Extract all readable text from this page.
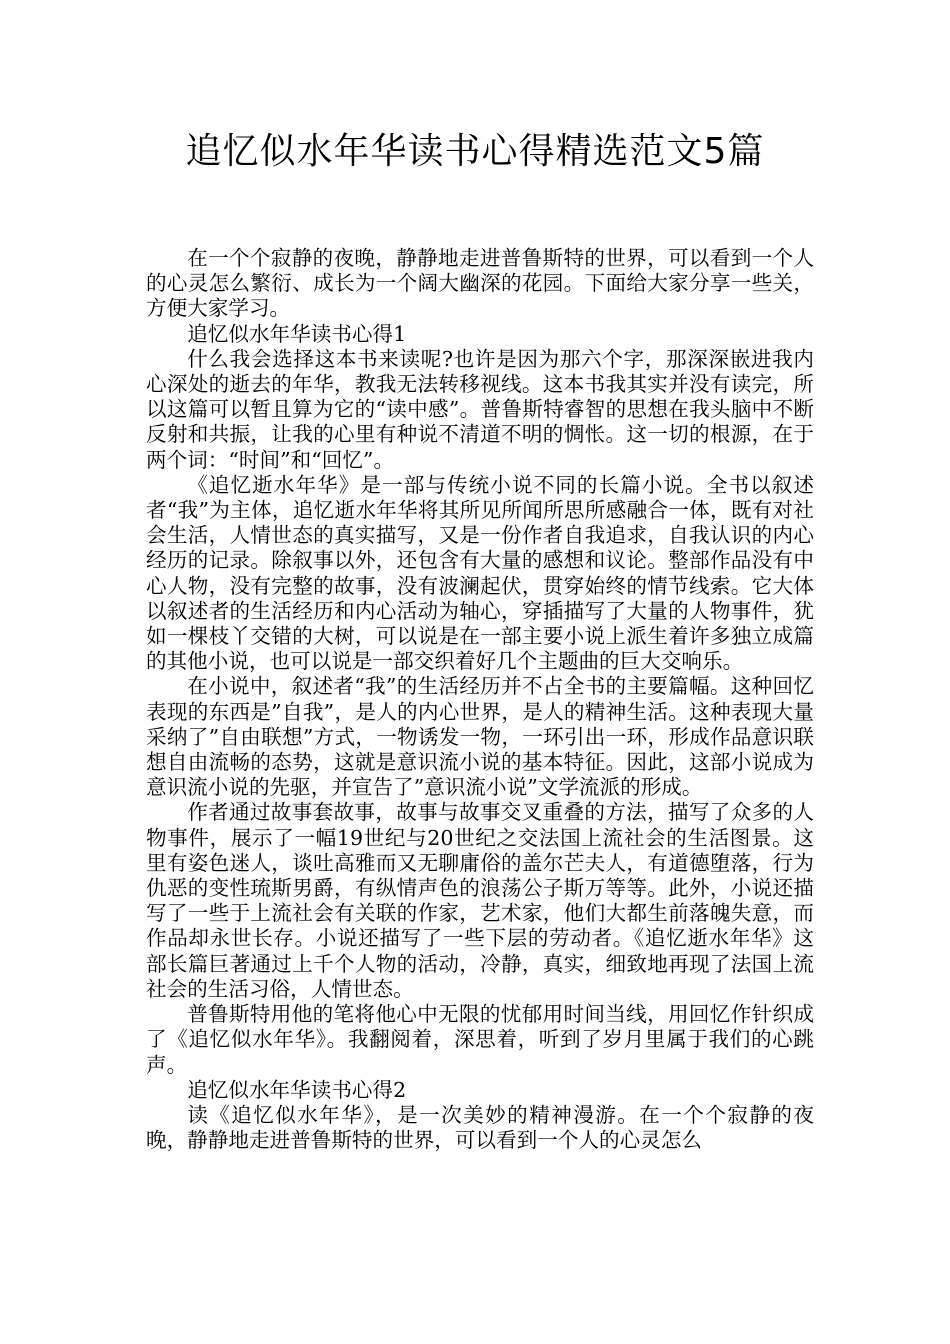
追忆似水年华读书心得精选范文5篇

在一个个寂静的夜晚，静静地走进普鲁斯特的世界，可以看到一个人的心灵怎么繁衍、成长为一个阔大幽深的花园。下面给大家分享一些关，方便大家学习。

追忆似水年华读书心得1

什么我会选择这本书来读呢?也许是因为那六个字，那深深嵌进我内心深处的逝去的年华，教我无法转移视线。这本书我其实并没有读完，所以这篇可以暂且算为它的“读中感”。普鲁斯特睿智的思想在我头脑中不断反射和共振，让我的心里有种说不清道不明的惆怅。这一切的根源，在于两个词：“时间”和“回忆”。

《追忆逝水年华》是一部与传统小说不同的长篇小说。全书以叙述者“我”为主体，追忆逝水年华将其所见所闻所思所感融合一体，既有对社会生活，人情世态的真实描写，又是一份作者自我追求，自我认识的内心经历的记录。除叙事以外，还包含有大量的感想和议论。整部作品没有中心人物，没有完整的故事，没有波澜起伏，贯穿始终的情节线索。它大体以叙述者的生活经历和内心活动为轴心，穿插描写了大量的人物事件，犹如一棵枝丫交错的大树，可以说是在一部主要小说上派生着许多独立成篇的其他小说，也可以说是一部交织着好几个主题曲的巨大交响乐。

在小说中，叙述者“我”的生活经历并不占全书的主要篇幅。这种回忆表现的东西是”自我”，是人的内心世界，是人的精神生活。这种表现大量采纳了”自由联想”方式，一物诱发一物，一环引出一环，形成作品意识联想自由流畅的态势，这就是意识流小说的基本特征。因此，这部小说成为意识流小说的先驱，并宣告了”意识流小说”文学流派的形成。

作者通过故事套故事，故事与故事交叉重叠的方法，描写了众多的人物事件，展示了一幅19世纪与20世纪之交法国上流社会的生活图景。这里有姿色迷人，谈吐高雅而又无聊庸俗的盖尔芒夫人，有道德堕落，行为仇恶的变性琉斯男爵，有纵情声色的浪荡公子斯万等等。此外，小说还描写了一些于上流社会有关联的作家，艺术家，他们大都生前落魄失意，而作品却永世长存。小说还描写了一些下层的劳动者。《追忆逝水年华》这部长篇巨著通过上千个人物的活动，冷静，真实，细致地再现了法国上流社会的生活习俗，人情世态。

普鲁斯特用他的笔将他心中无限的忧郁用时间当线，用回忆作针织成了《追忆似水年华》。我翻阅着，深思着，听到了岁月里属于我们的心跳声。

追忆似水年华读书心得2

读《追忆似水年华》，是一次美妙的精神漫游。在一个个寂静的夜晚，静静地走进普鲁斯特的世界，可以看到一个人的心灵怎么
